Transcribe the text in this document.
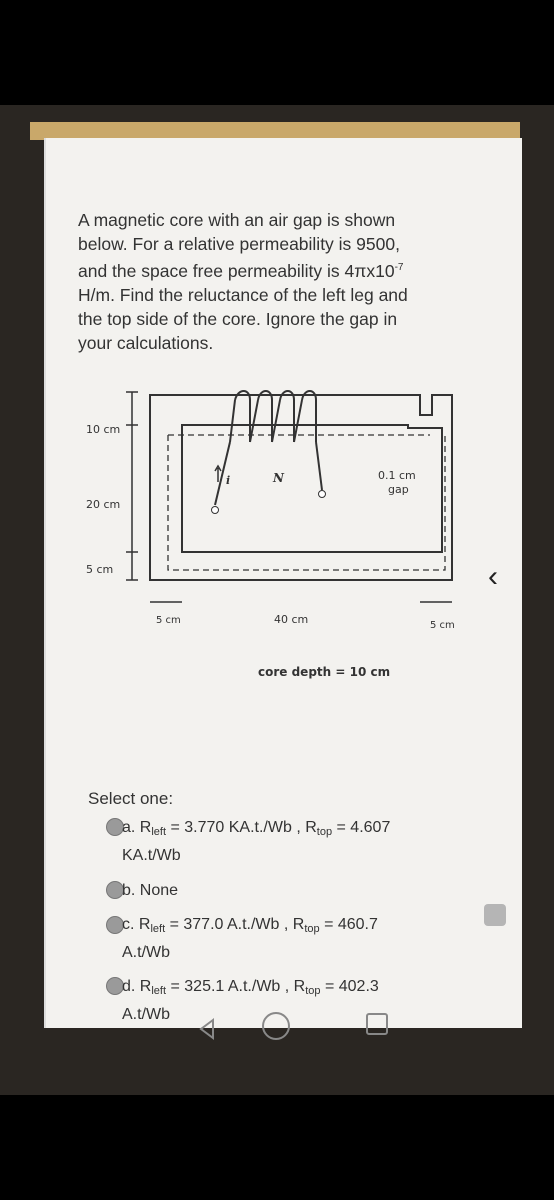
A magnetic core with an air gap is shown
below. For a relative permeability is 9500,
and the space free permeability is $4\pi x10^{-7}$
H/m. Find the reluctance of the left leg and
the top side of the core. Ignore the gap in
your calculations.
10 cm
20 cm
5 cm
5 cm	40 cm	5 cm
0.1 cm
gap
N
i
core depth = 10 cm
Select one:
a. $R_{left} = 3.770$ KA.t./Wb , $R_{top} = 4.607$
KA.t/Wb
b. None
c. $R_{left} = 377.0$ A.t./Wb , $R_{top} = 460.7$
A.t/Wb
d. $R_{left} = 325.1$ A.t./Wb , $R_{top} = 402.3$
A.t/Wb
‹
